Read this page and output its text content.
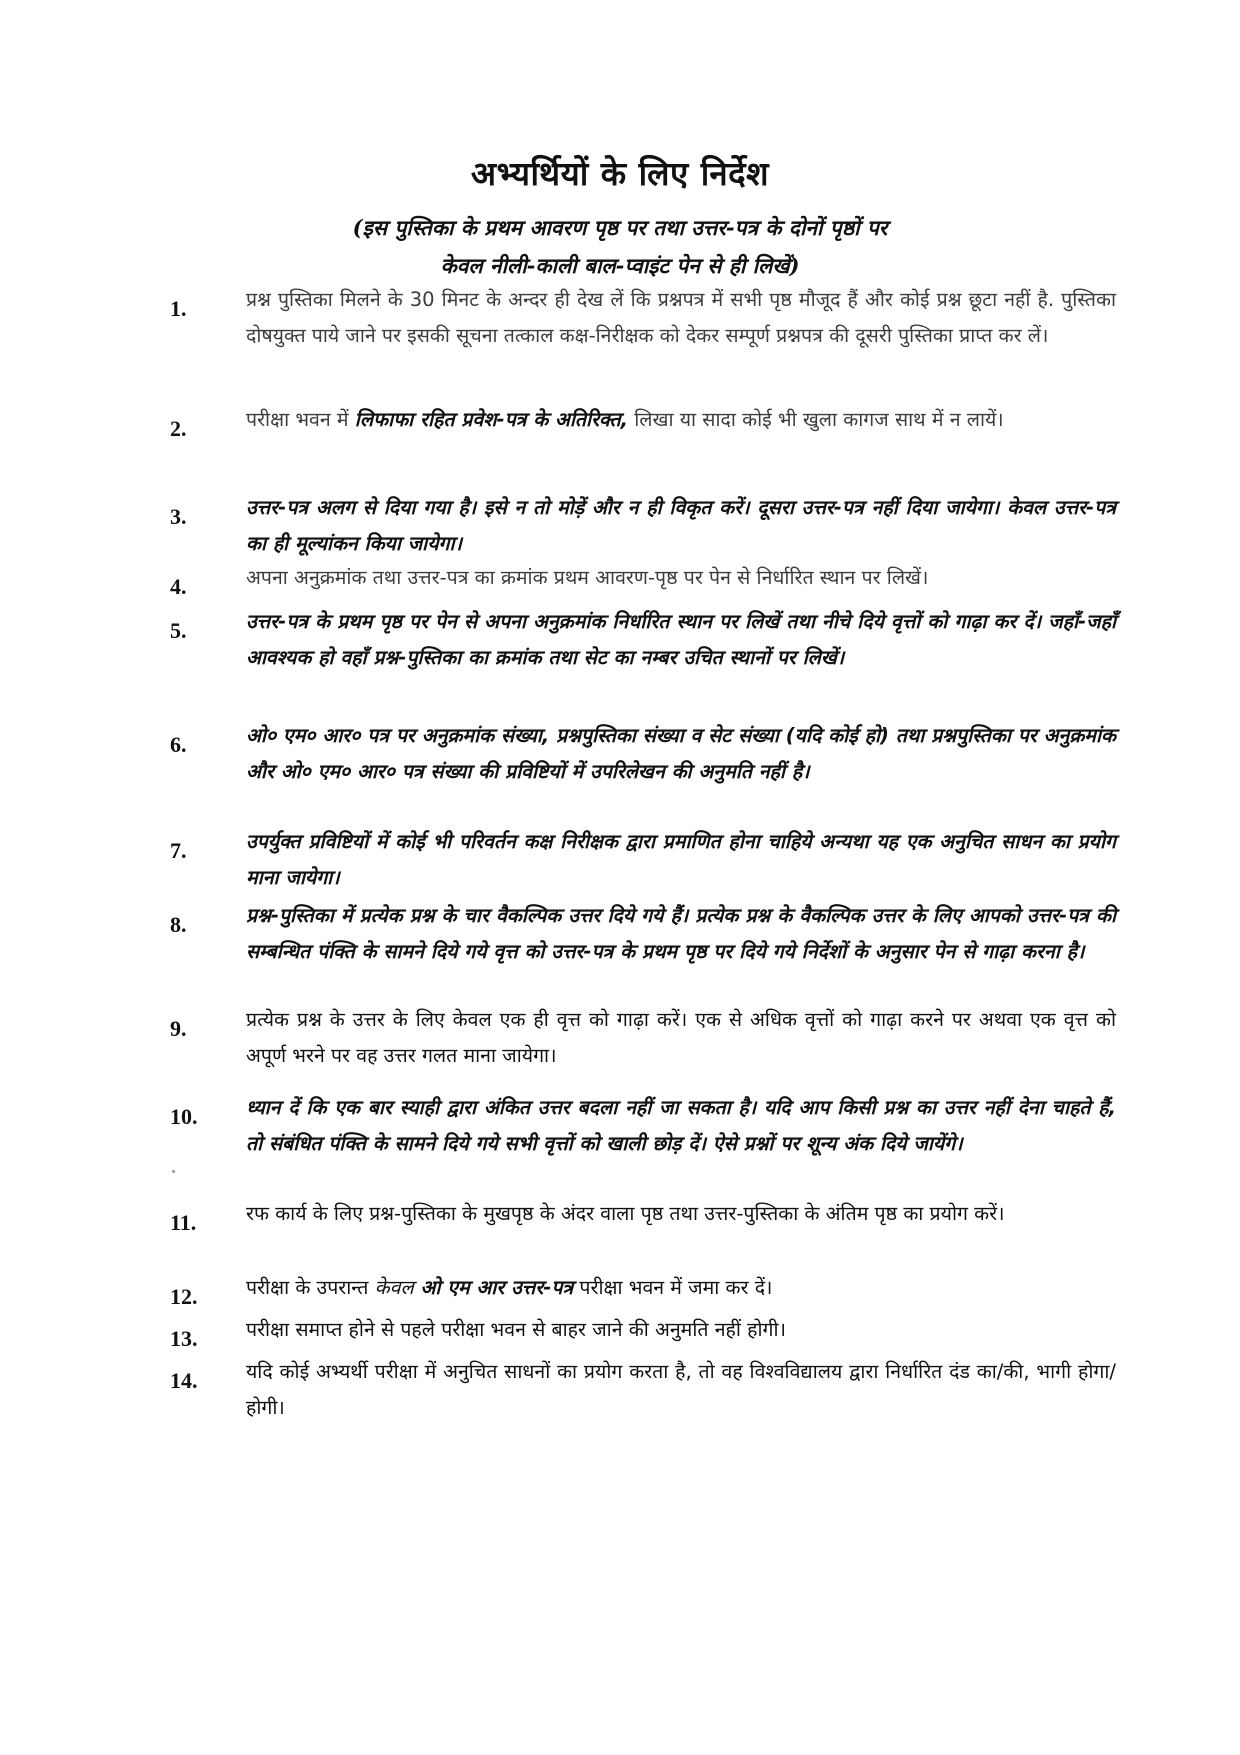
अभ्यर्थियों के लिए निर्देश
(इस पुस्तिका के प्रथम आवरण पृष्ठ पर तथा उत्तर-पत्र के दोनों पृष्ठों पर
केवल नीली-काली बाल-प्वाइंट पेन से ही लिखें)
1.	प्रश्न पुस्तिका मिलने के 30 मिनट के अन्दर ही देख लें कि प्रश्नपत्र में सभी पृष्ठ मौजूद हैं और कोई प्रश्न छूटा नहीं है. पुस्तिका दोषयुक्त पाये जाने पर इसकी सूचना तत्काल कक्ष-निरीक्षक को देकर सम्पूर्ण प्रश्नपत्र की दूसरी पुस्तिका प्राप्त कर लें।
2.	परीक्षा भवन में लिफाफा रहित प्रवेश-पत्र के अतिरिक्त, लिखा या सादा कोई भी खुला कागज साथ में न लायें।
3.	उत्तर-पत्र अलग से दिया गया है। इसे न तो मोड़ें और न ही विकृत करें। दूसरा उत्तर-पत्र नहीं दिया जायेगा। केवल उत्तर-पत्र का ही मूल्यांकन किया जायेगा।
4.	अपना अनुक्रमांक तथा उत्तर-पत्र का क्रमांक प्रथम आवरण-पृष्ठ पर पेन से निर्धारित स्थान पर लिखें।
5.	उत्तर-पत्र के प्रथम पृष्ठ पर पेन से अपना अनुक्रमांक निर्धारित स्थान पर लिखें तथा नीचे दिये वृत्तों को गाढ़ा कर दें। जहाँ-जहाँ आवश्यक हो वहाँ प्रश्न-पुस्तिका का क्रमांक तथा सेट का नम्बर उचित स्थानों पर लिखें।
6.	ओ० एम० आर० पत्र पर अनुक्रमांक संख्या, प्रश्नपुस्तिका संख्या व सेट संख्या (यदि कोई हो) तथा प्रश्नपुस्तिका पर अनुक्रमांक और ओ० एम० आर० पत्र संख्या की प्रविष्टियों में उपरिलेखन की अनुमति नहीं है।
7.	उपर्युक्त प्रविष्टियों में कोई भी परिवर्तन कक्ष निरीक्षक द्वारा प्रमाणित होना चाहिये अन्यथा यह एक अनुचित साधन का प्रयोग माना जायेगा।
8.	प्रश्न-पुस्तिका में प्रत्येक प्रश्न के चार वैकल्पिक उत्तर दिये गये हैं। प्रत्येक प्रश्न के वैकल्पिक उत्तर के लिए आपको उत्तर-पत्र की सम्बन्धित पंक्ति के सामने दिये गये वृत्त को उत्तर-पत्र के प्रथम पृष्ठ पर दिये गये निर्देशों के अनुसार पेन से गाढ़ा करना है।
9.	प्रत्येक प्रश्न के उत्तर के लिए केवल एक ही वृत्त को गाढ़ा करें। एक से अधिक वृत्तों को गाढ़ा करने पर अथवा एक वृत्त को अपूर्ण भरने पर वह उत्तर गलत माना जायेगा।
10. ध्यान दें कि एक बार स्याही द्वारा अंकित उत्तर बदला नहीं जा सकता है। यदि आप किसी प्रश्न का उत्तर नहीं देना चाहते हैं, तो संबंधित पंक्ति के सामने दिये गये सभी वृत्तों को खाली छोड़ दें। ऐसे प्रश्नों पर शून्य अंक दिये जायेंगे।
11.	रफ कार्य के लिए प्रश्न-पुस्तिका के मुखपृष्ठ के अंदर वाला पृष्ठ तथा उत्तर-पुस्तिका के अंतिम पृष्ठ का प्रयोग करें।
12. परीक्षा के उपरान्त केवल ओ एम आर उत्तर-पत्र परीक्षा भवन में जमा कर दें।
13. परीक्षा समाप्त होने से पहले परीक्षा भवन से बाहर जाने की अनुमति नहीं होगी।
14. यदि कोई अभ्यर्थी परीक्षा में अनुचित साधनों का प्रयोग करता है, तो वह विश्वविद्यालय द्वारा निर्धारित दंड का/की, भागी होगा/होगी।
